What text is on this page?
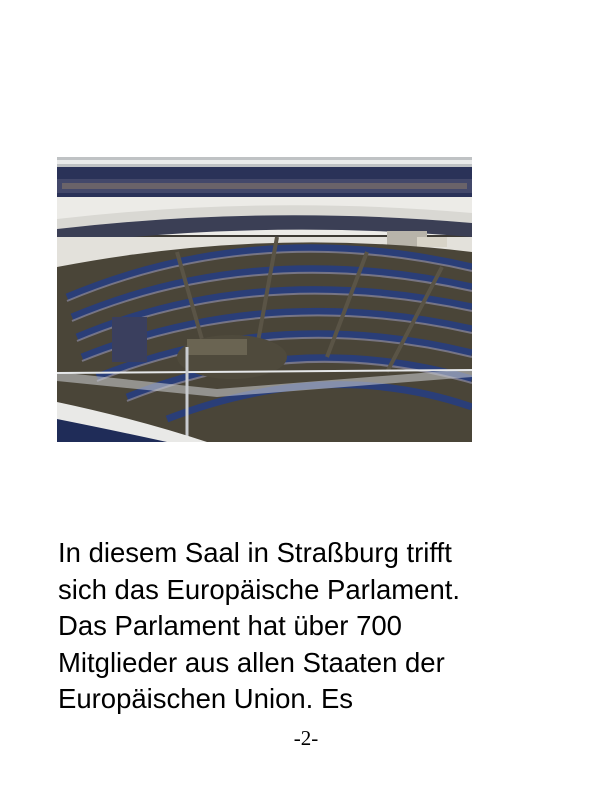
In diesem Saal in Straßburg trifft
sich das Europäische Parlament.
Das Parlament hat über 700
Mitglieder aus allen Staaten der
Europäischen Union. Es

-2-
